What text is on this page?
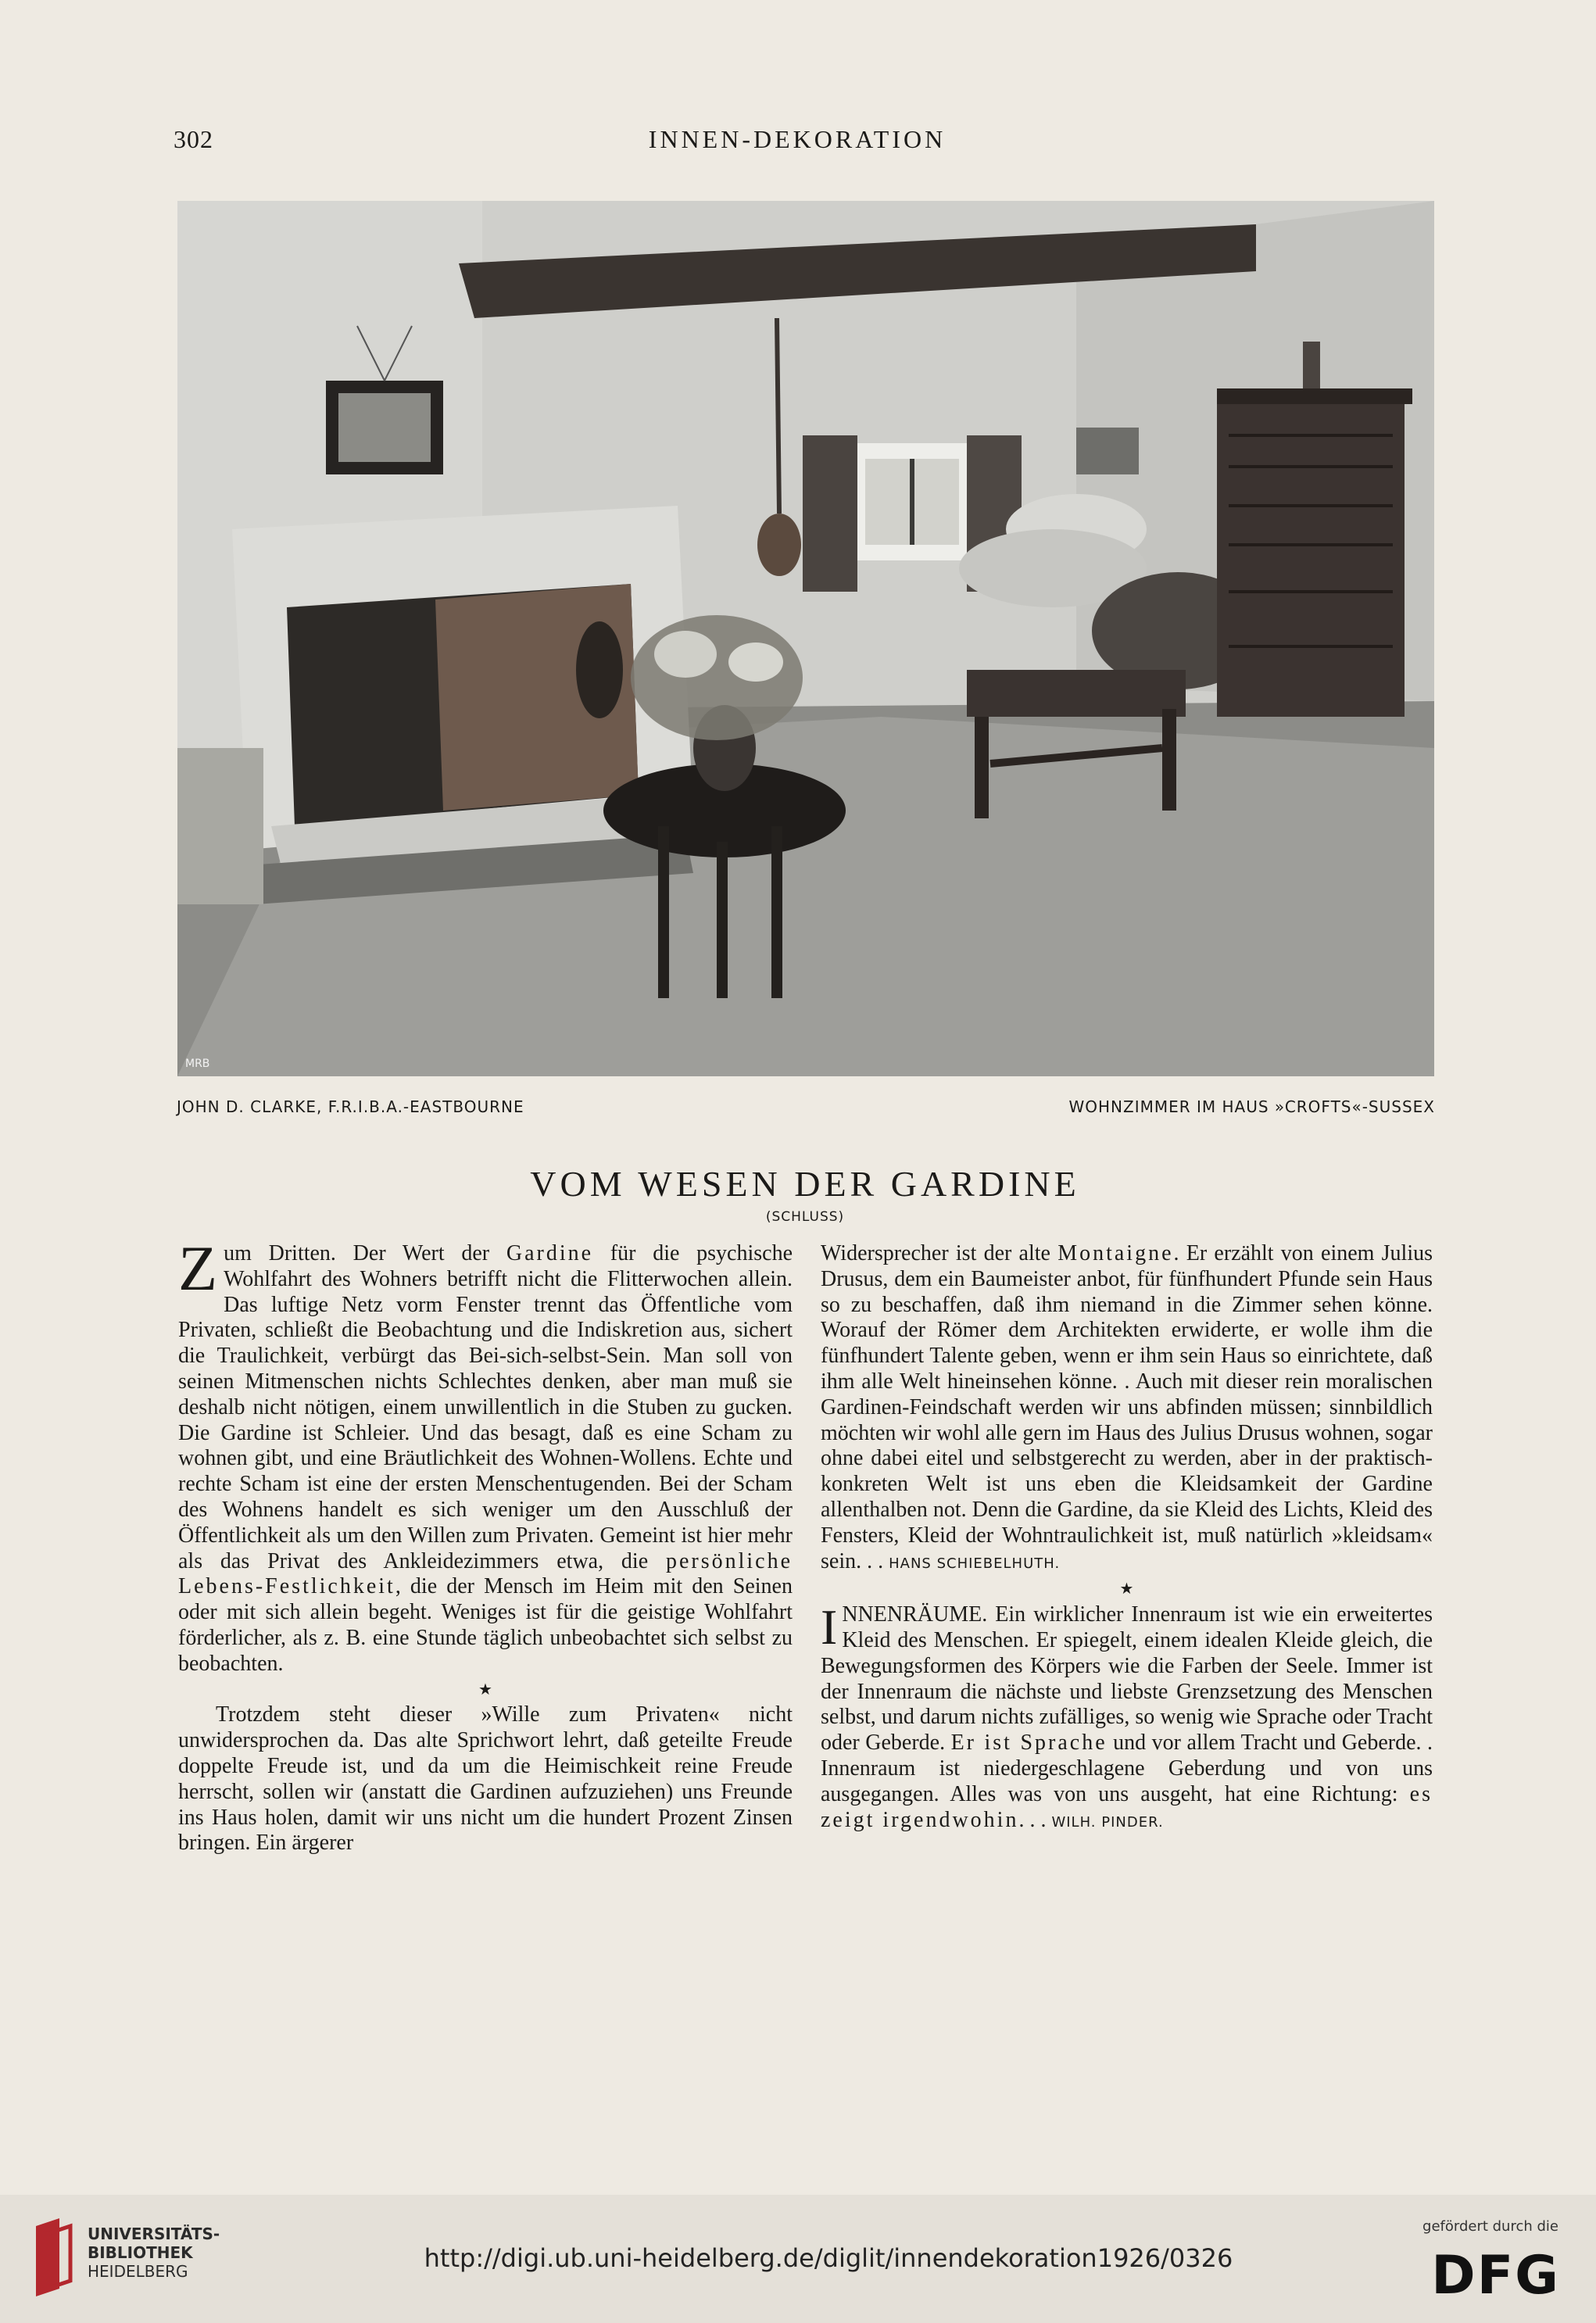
302	INNEN-DEKORATION
MRB
JOHN D. CLARKE, F.R.I.B.A.-EASTBOURNE	WOHNZIMMER IM HAUS »CROFTS«-SUSSEX
VOM WESEN DER GARDINE
(SCHLUSS)

Zum Dritten. Der Wert der Gardine für die psychische Wohlfahrt des Wohners betrifft nicht die Flitterwochen allein. Das luftige Netz vorm Fenster trennt das Öffentliche vom Privaten, schließt die Beobachtung und die Indiskretion aus, sichert die Traulichkeit, verbürgt das Bei-sich-selbst-Sein. Man soll von seinen Mitmenschen nichts Schlechtes denken, aber man muß sie deshalb nicht nötigen, einem unwillentlich in die Stuben zu gucken. Die Gardine ist Schleier. Und das besagt, daß es eine Scham zu wohnen gibt, und eine Bräutlichkeit des Wohnen-Wollens. Echte und rechte Scham ist eine der ersten Menschentugenden. Bei der Scham des Wohnens handelt es sich weniger um den Ausschluß der Öffentlichkeit als um den Willen zum Privaten. Gemeint ist hier mehr als das Privat des Ankleidezimmers etwa, die persönliche Lebens-Festlichkeit, die der Mensch im Heim mit den Seinen oder mit sich allein begeht. Weniges ist für die geistige Wohlfahrt förderlicher, als z. B. eine Stunde täglich unbeobachtet sich selbst zu beobachten.

★

Trotzdem steht dieser »Wille zum Privaten« nicht unwidersprochen da. Das alte Sprichwort lehrt, daß geteilte Freude doppelte Freude ist, und da um die Heimischkeit reine Freude herrscht, sollen wir (anstatt die Gardinen aufzuziehen) uns Freunde ins Haus holen, damit wir uns nicht um die hundert Prozent Zinsen bringen. Ein ärgerer

Widersprecher ist der alte Montaigne. Er erzählt von einem Julius Drusus, dem ein Baumeister anbot, für fünfhundert Pfunde sein Haus so zu beschaffen, daß ihm niemand in die Zimmer sehen könne. Worauf der Römer dem Architekten erwiderte, er wolle ihm die fünfhundert Talente geben, wenn er ihm sein Haus so einrichtete, daß ihm alle Welt hineinsehen könne. . Auch mit dieser rein moralischen Gardinen-Feindschaft werden wir uns abfinden müssen; sinnbildlich möchten wir wohl alle gern im Haus des Julius Drusus wohnen, sogar ohne dabei eitel und selbstgerecht zu werden, aber in der praktisch-konkreten Welt ist uns eben die Kleidsamkeit der Gardine allenthalben not. Denn die Gardine, da sie Kleid des Lichts, Kleid des Fensters, Kleid der Wohntraulichkeit ist, muß natürlich »kleidsam« sein. . . HANS SCHIEBELHUTH.

★

INNENRÄUME. Ein wirklicher Innenraum ist wie ein erweitertes Kleid des Menschen. Er spiegelt, einem idealen Kleide gleich, die Bewegungsformen des Körpers wie die Farben der Seele. Immer ist der Innenraum die nächste und liebste Grenzsetzung des Menschen selbst, und darum nichts zufälliges, so wenig wie Sprache oder Tracht oder Geberde. Er ist Sprache und vor allem Tracht und Geberde. . Innenraum ist niedergeschlagene Geberdung und von uns ausgegangen. Alles was von uns ausgeht, hat eine Richtung: es zeigt irgendwohin. . . WILH. PINDER.

UNIVERSITÄTS-
BIBLIOTHEK
HEIDELBERG	http://digi.ub.uni-heidelberg.de/diglit/innendekoration1926/0326
gefördert durch die
DFG
